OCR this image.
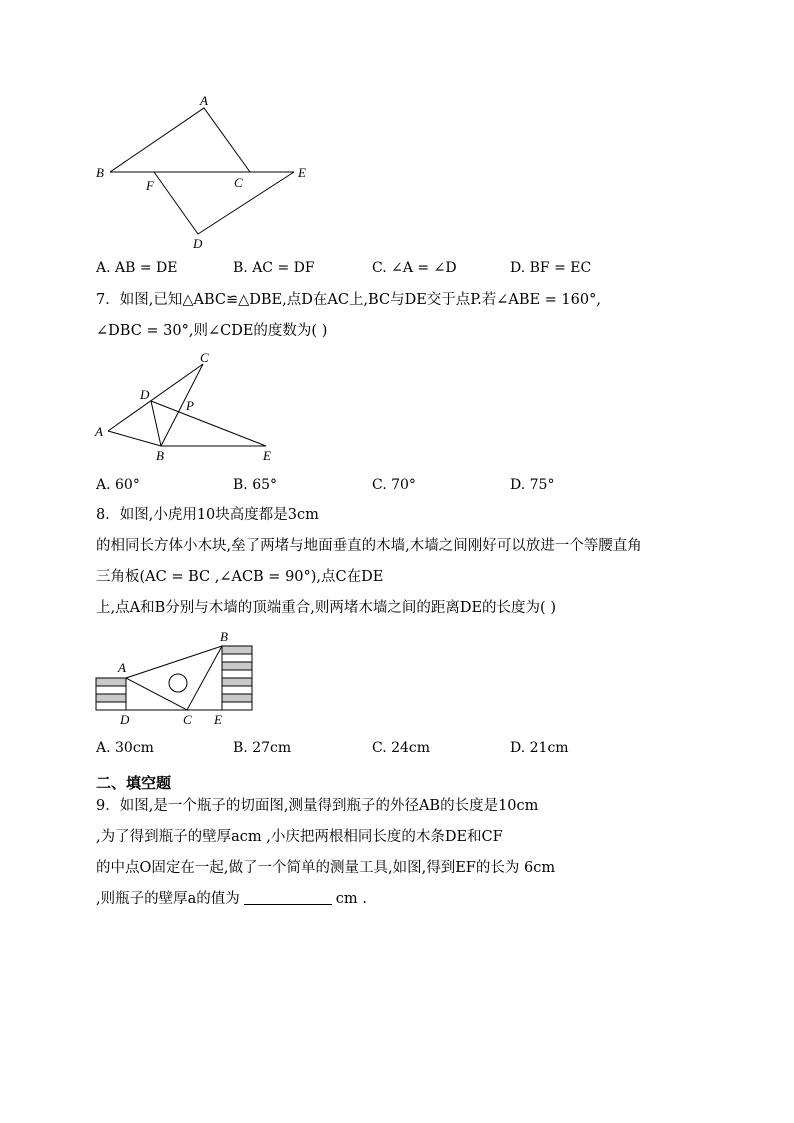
A
B
C
F
E
D
A. AB = DE	B. AC = DF	C. ∠A = ∠D	D. BF = EC
7．如图,已知△ABC≌△DBE,点D在AC上,BC与DE交于点P.若∠ABE = 160°,
∠DBC = 30°,则∠CDE的度数为( )
C
D
P
A
B	E
A. 60°	B. 65°	C. 70°	D. 75°
8．如图,小虎用10块高度都是3cm
的相同长方体小木块,垒了两堵与地面垂直的木墙,木墙之间刚好可以放进一个等腰直角
三角板(AC = BC ,∠ACB = 90°),点C在DE
上,点A和B分别与木墙的顶端重合,则两堵木墙之间的距离DE的长度为( )
B
A
D	C E
A. 30cm	B. 27cm	C. 24cm	D. 21cm
二、填空题
9．如图,是一个瓶子的切面图,测量得到瓶子的外径AB的长度是10cm
,为了得到瓶子的壁厚acm ,小庆把两根相同长度的木条DE和CF
的中点O固定在一起,做了一个简单的测量工具,如图,得到EF的长为 6cm
,则瓶子的壁厚a的值为	cm .
